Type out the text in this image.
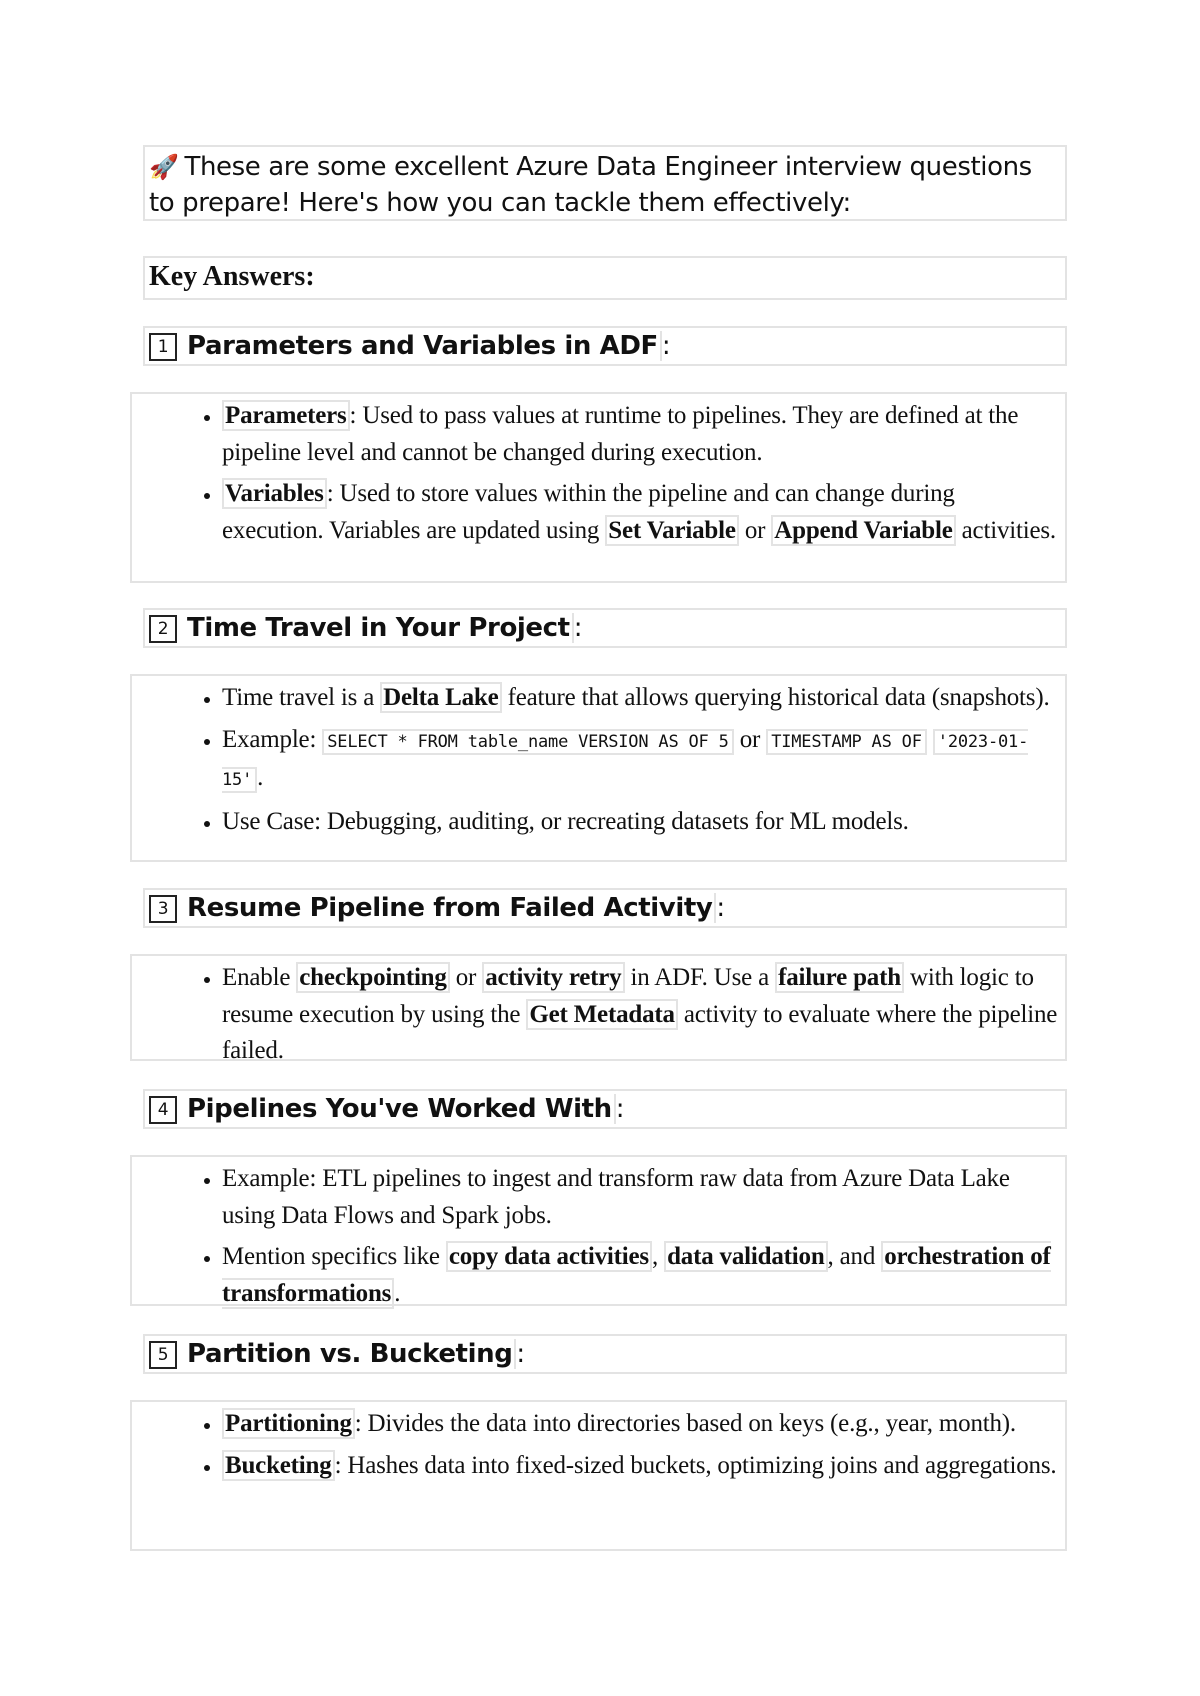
🚀 These are some excellent Azure Data Engineer interview questions to prepare! Here's how you can tackle them effectively:
Key Answers:
1 Parameters and Variables in ADF :
• Parameters : Used to pass values at runtime to pipelines. They are defined at the pipeline level and cannot be changed during execution.
• Variables : Used to store values within the pipeline and can change during execution. Variables are updated using Set Variable or Append Variable activities.
2 Time Travel in Your Project :
• Time travel is a Delta Lake feature that allows querying historical data (snapshots).
• Example: SELECT * FROM table_name VERSION AS OF 5 or TIMESTAMP AS OF '2023-01-15' .
• Use Case: Debugging, auditing, or recreating datasets for ML models.
3 Resume Pipeline from Failed Activity :
• Enable checkpointing or activity retry in ADF. Use a failure path with logic to resume execution by using the Get Metadata activity to evaluate where the pipeline failed.
4 Pipelines You've Worked With :
• Example: ETL pipelines to ingest and transform raw data from Azure Data Lake using Data Flows and Spark jobs.
• Mention specifics like copy data activities , data validation , and orchestration of transformations .
5 Partition vs. Bucketing :
• Partitioning : Divides the data into directories based on keys (e.g., year, month).
• Bucketing : Hashes data into fixed-sized buckets, optimizing joins and aggregations.
